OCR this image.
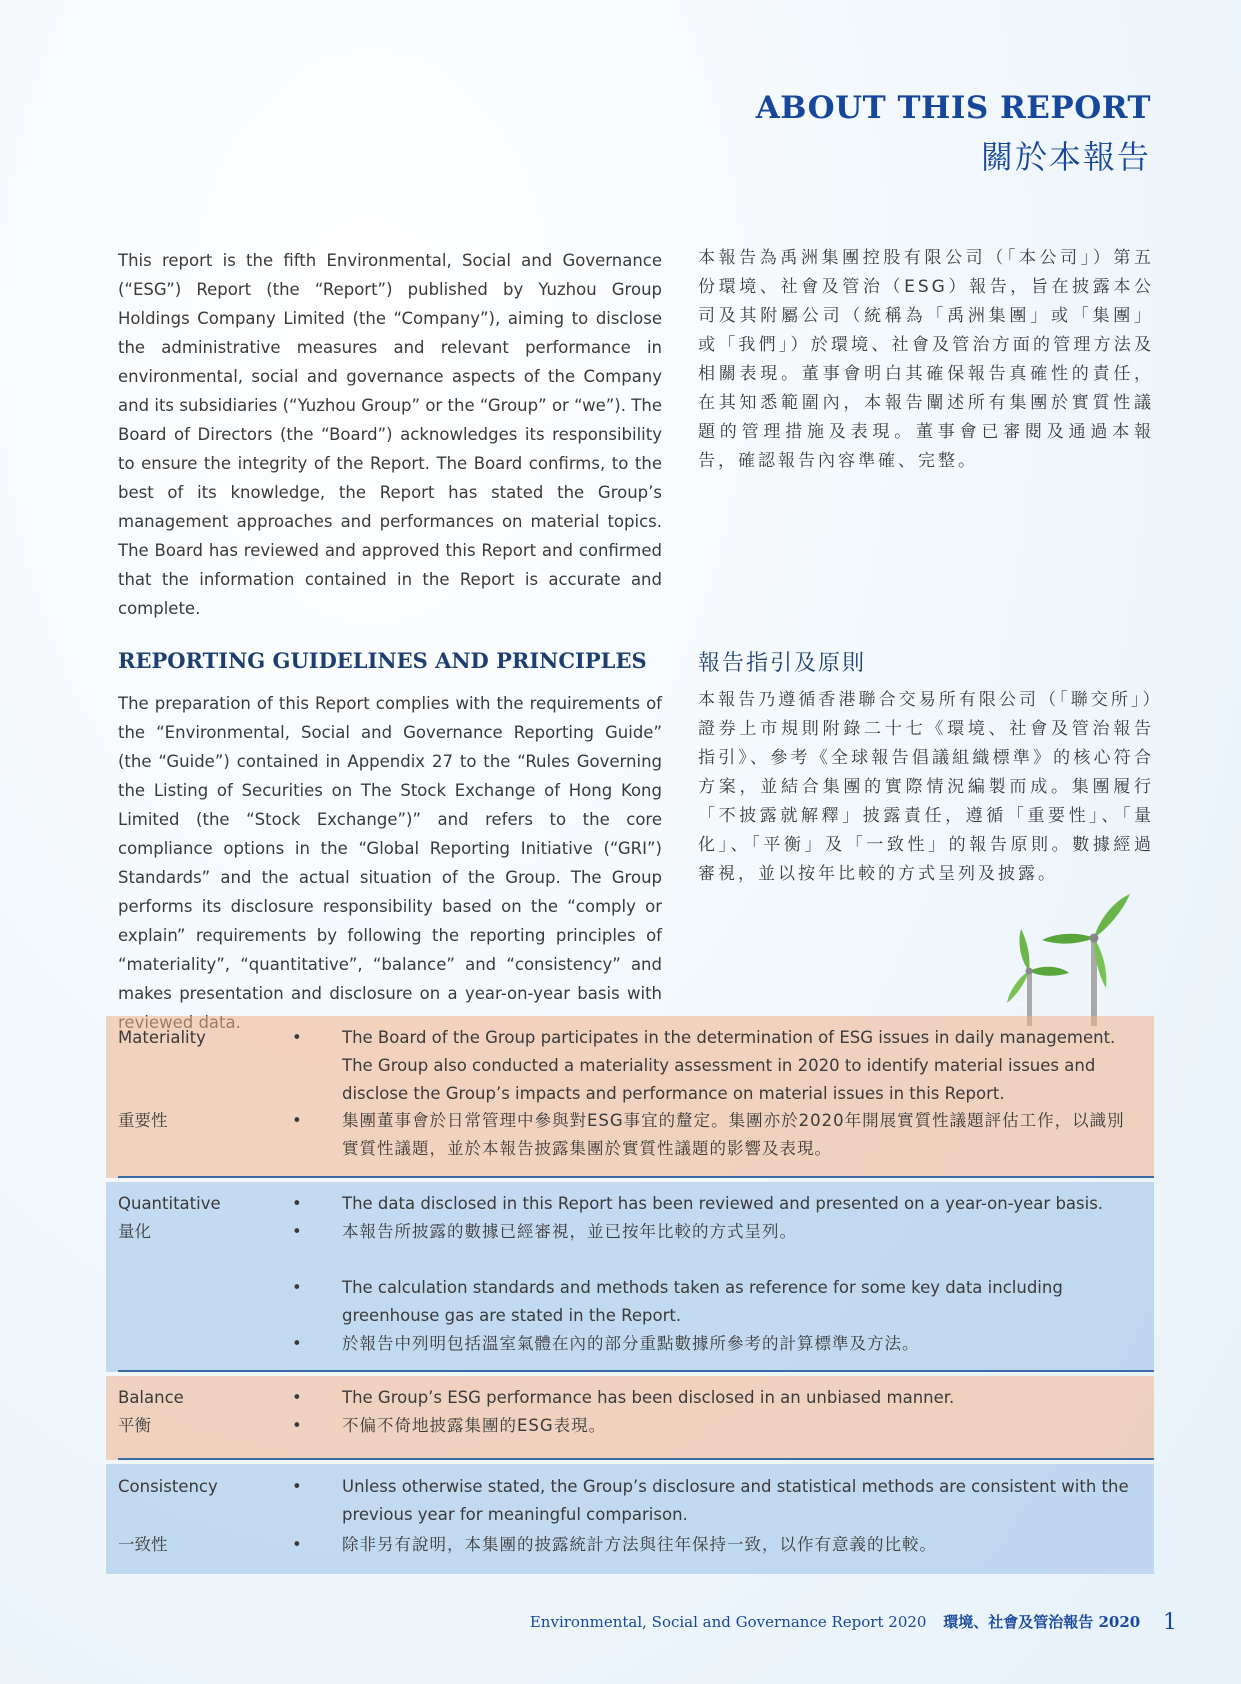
ABOUT THIS REPORT
關於本報告
This report is the fifth Environmental, Social and Governance (“ESG”) Report (the “Report”) published by Yuzhou Group Holdings Company Limited (the “Company”), aiming to disclose the administrative measures and relevant performance in environmental, social and governance aspects of the Company and its subsidiaries (“Yuzhou Group” or the “Group” or “we”). The Board of Directors (the “Board”) acknowledges its responsibility to ensure the integrity of the Report. The Board confirms, to the best of its knowledge, the Report has stated the Group’s management approaches and performances on material topics. The Board has reviewed and approved this Report and confirmed that the information contained in the Report is accurate and complete.
本報告為禹洲集團控股有限公司（「本公司」）第五份環境、社會及管治（ESG）報告，旨在披露本公司及其附屬公司（統稱為「禹洲集團」或「集團」或「我們」）於環境、社會及管治方面的管理方法及相關表現。董事會明白其確保報告真確性的責任，在其知悉範圍內，本報告闡述所有集團於實質性議題的管理措施及表現。董事會已審閱及通過本報告，確認報告內容準確、完整。
REPORTING GUIDELINES AND PRINCIPLES 報告指引及原則
The preparation of this Report complies with the requirements of the “Environmental, Social and Governance Reporting Guide” (the “Guide”) contained in Appendix 27 to the “Rules Governing the Listing of Securities on The Stock Exchange of Hong Kong Limited (the “Stock Exchange”)” and refers to the core compliance options in the “Global Reporting Initiative (“GRI”) Standards” and the actual situation of the Group. The Group performs its disclosure responsibility based on the “comply or explain” requirements by following the reporting principles of “materiality”, “quantitative”, “balance” and “consistency” and makes presentation and disclosure on a year-on-year basis with
本報告乃遵循香港聯合交易所有限公司（「聯交所」）證券上市規則附錄二十七《環境、社會及管治報告指引》、參考《全球報告倡議組織標準》的核心符合方案，並結合集團的實際情況編製而成。集團履行「不披露就解釋」披露責任，遵循「重要性」、「量化」、「平衡」及「一致性」的報告原則。數據經過審視，並以按年比較的方式呈列及披露。
Materiality
重要性
• The Board of the Group participates in the determination of ESG issues in daily management. The Group also conducted a materiality assessment in 2020 to identify material issues and disclose the Group’s impacts and performance on material issues in this Report.
• 集團董事會於日常管理中參與對ESG事宜的釐定。集團亦於2020年開展實質性議題評估工作，以識別實質性議題，並於本報告披露集團於實質性議題的影響及表現。
Quantitative
量化
• The data disclosed in this Report has been reviewed and presented on a year-on-year basis.
• 本報告所披露的數據已經審視，並已按年比較的方式呈列。
• The calculation standards and methods taken as reference for some key data including greenhouse gas are stated in the Report.
• 於報告中列明包括溫室氣體在內的部分重點數據所參考的計算標準及方法。
Balance
平衡
• The Group’s ESG performance has been disclosed in an unbiased manner.
• 不偏不倚地披露集團的ESG表現。
Consistency
一致性
• Unless otherwise stated, the Group’s disclosure and statistical methods are consistent with the previous year for meaningful comparison.
• 除非另有說明，本集團的披露統計方法與往年保持一致，以作有意義的比較。
Environmental, Social and Governance Report 2020 環境、社會及管治報告 2020 1
